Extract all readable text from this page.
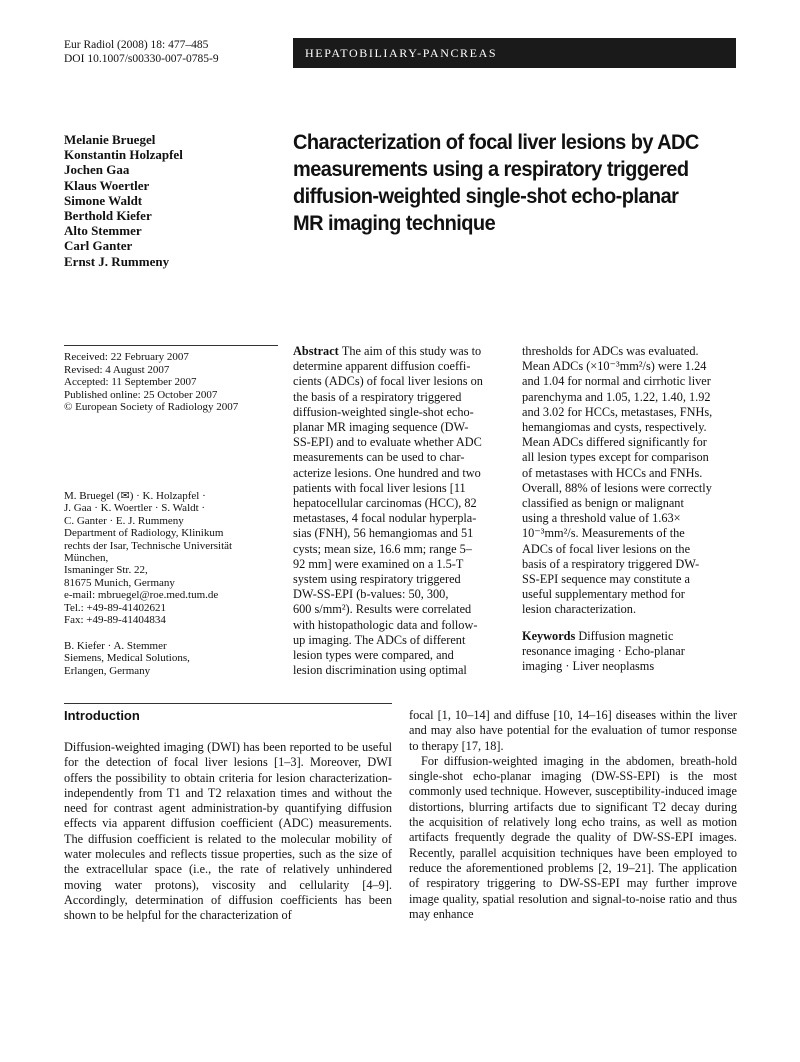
Eur Radiol (2008) 18: 477–485
DOI 10.1007/s00330-007-0785-9	HEPATOBILIARY-PANCREAS
Melanie Bruegel
Konstantin Holzapfel
Jochen Gaa
Klaus Woertler
Simone Waldt
Berthold Kiefer
Alto Stemmer
Carl Ganter
Ernst J. Rummeny
Characterization of focal liver lesions by ADC measurements using a respiratory triggered diffusion-weighted single-shot echo-planar MR imaging technique
Received: 22 February 2007
Revised: 4 August 2007
Accepted: 11 September 2007
Published online: 25 October 2007
© European Society of Radiology 2007
M. Bruegel (✉) · K. Holzapfel ·
J. Gaa · K. Woertler · S. Waldt ·
C. Ganter · E. J. Rummeny
Department of Radiology, Klinikum
rechts der Isar, Technische Universität
München,
Ismaninger Str. 22,
81675 Munich, Germany
e-mail: mbruegel@roe.med.tum.de
Tel.: +49-89-41402621
Fax: +49-89-41404834
B. Kiefer · A. Stemmer
Siemens, Medical Solutions,
Erlangen, Germany
Abstract The aim of this study was to
determine apparent diffusion coeffi-
cients (ADCs) of focal liver lesions on
the basis of a respiratory triggered
diffusion-weighted single-shot echo-
planar MR imaging sequence (DW-
SS-EPI) and to evaluate whether ADC
measurements can be used to char-
acterize lesions. One hundred and two
patients with focal liver lesions [11
hepatocellular carcinomas (HCC), 82
metastases, 4 focal nodular hyperpla-
sias (FNH), 56 hemangiomas and 51
cysts; mean size, 16.6 mm; range 5–
92 mm] were examined on a 1.5-T
system using respiratory triggered
DW-SS-EPI (b-values: 50, 300,
600 s/mm²). Results were correlated
with histopathologic data and follow-
up imaging. The ADCs of different
lesion types were compared, and
lesion discrimination using optimal
thresholds for ADCs was evaluated.
Mean ADCs (×10⁻³mm²/s) were 1.24
and 1.04 for normal and cirrhotic liver
parenchyma and 1.05, 1.22, 1.40, 1.92
and 3.02 for HCCs, metastases, FNHs,
hemangiomas and cysts, respectively.
Mean ADCs differed significantly for
all lesion types except for comparison
of metastases with HCCs and FNHs.
Overall, 88% of lesions were correctly
classified as benign or malignant
using a threshold value of 1.63×
10⁻³mm²/s. Measurements of the
ADCs of focal liver lesions on the
basis of a respiratory triggered DW-
SS-EPI sequence may constitute a
useful supplementary method for
lesion characterization.
Keywords Diffusion magnetic
resonance imaging · Echo-planar
imaging · Liver neoplasms
Introduction
Diffusion-weighted imaging (DWI) has been reported to be useful for the detection of focal liver lesions [1–3]. Moreover, DWI offers the possibility to obtain criteria for lesion characterization-independently from T1 and T2 relaxation times and without the need for contrast agent administration-by quantifying diffusion effects via apparent diffusion coefficient (ADC) measurements. The diffusion coefficient is related to the molecular mobility of water molecules and reflects tissue properties, such as the size of the extracellular space (i.e., the rate of relatively unhindered moving water protons), viscosity and cellularity [4–9]. Accordingly, determination of diffusion coefficients has been shown to be helpful for the characterization of
focal [1, 10–14] and diffuse [10, 14–16] diseases within the liver and may also have potential for the evaluation of tumor response to therapy [17, 18].
For diffusion-weighted imaging in the abdomen, breath-hold single-shot echo-planar imaging (DW-SS-EPI) is the most commonly used technique. However, susceptibility-induced image distortions, blurring artifacts due to significant T2 decay during the acquisition of relatively long echo trains, as well as motion artifacts frequently degrade the quality of DW-SS-EPI images. Recently, parallel acquisition techniques have been employed to reduce the aforementioned problems [2, 19–21]. The application of respiratory triggering to DW-SS-EPI may further improve image quality, spatial resolution and signal-to-noise ratio and thus may enhance
